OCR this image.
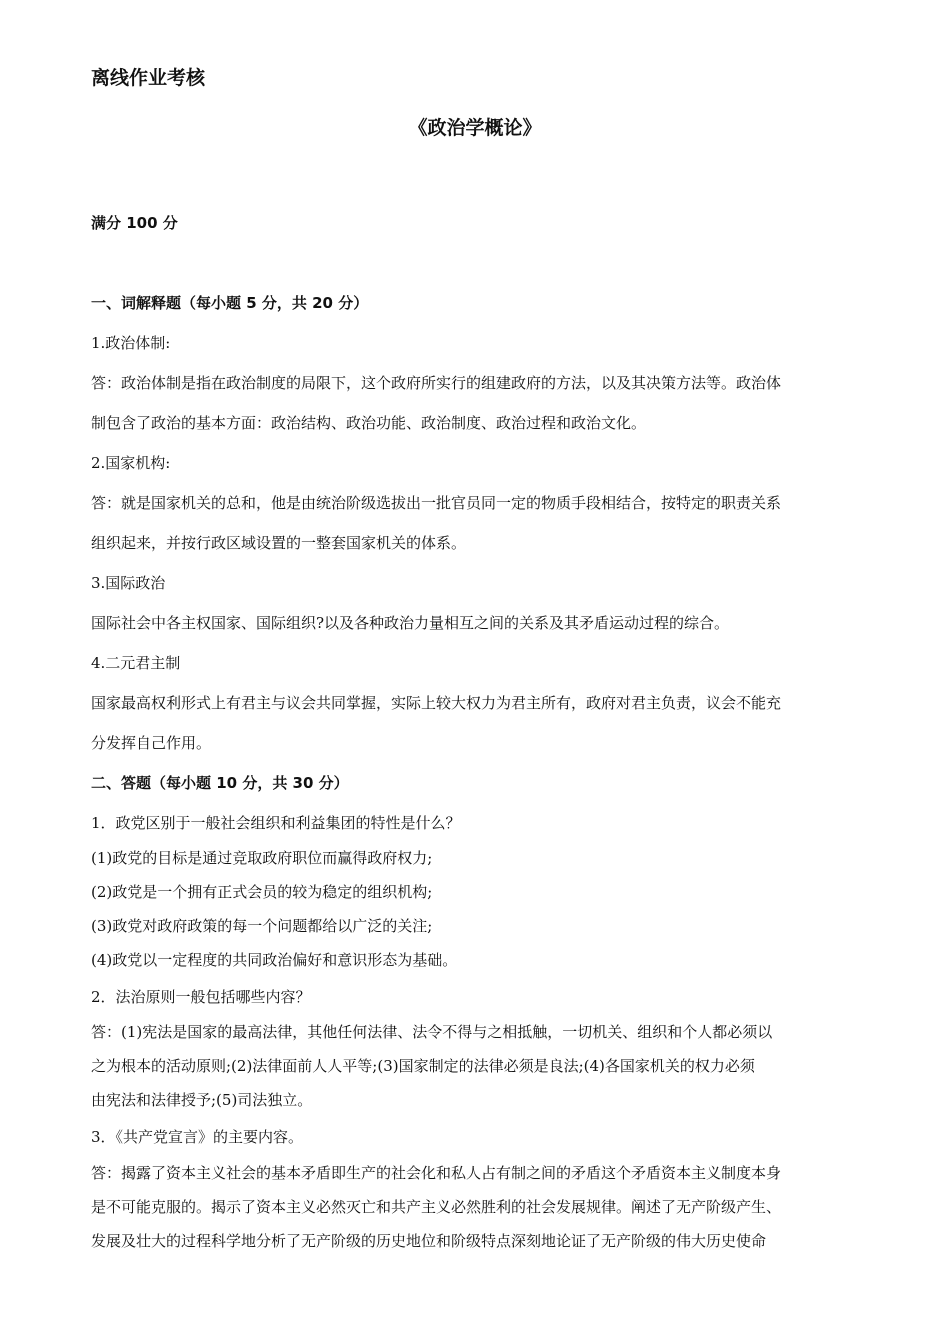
离线作业考核
《政治学概论》
满分 100 分
一、词解释题（每小题 5 分，共 20 分）
1.政治体制:
答：政治体制是指在政治制度的局限下，这个政府所实行的组建政府的方法，以及其决策方法等。政治体
制包含了政治的基本方面：政治结构、政治功能、政治制度、政治过程和政治文化。
2.国家机构:
答：就是国家机关的总和，他是由统治阶级选拔出一批官员同一定的物质手段相结合，按特定的职责关系
组织起来，并按行政区域设置的一整套国家机关的体系。
3.国际政治
国际社会中各主权国家、国际组织?以及各种政治力量相互之间的关系及其矛盾运动过程的综合。
4.二元君主制
国家最高权利形式上有君主与议会共同掌握，实际上较大权力为君主所有，政府对君主负责，议会不能充
分发挥自己作用。
二、答题（每小题 10 分，共 30 分）
1．政党区别于一般社会组织和利益集团的特性是什么？
(1)政党的目标是通过竞取政府职位而赢得政府权力;
(2)政党是一个拥有正式会员的较为稳定的组织机构;
(3)政党对政府政策的每一个问题都给以广泛的关注;
(4)政党以一定程度的共同政治偏好和意识形态为基础。
2．法治原则一般包括哪些内容？
答：(1)宪法是国家的最高法律，其他任何法律、法令不得与之相抵触，一切机关、组织和个人都必须以
之为根本的活动原则;(2)法律面前人人平等;(3)国家制定的法律必须是良法;(4)各国家机关的权力必须
由宪法和法律授予;(5)司法独立。
3．《共产党宣言》的主要内容。
答：揭露了资本主义社会的基本矛盾即生产的社会化和私人占有制之间的矛盾这个矛盾资本主义制度本身
是不可能克服的。揭示了资本主义必然灭亡和共产主义必然胜利的社会发展规律。阐述了无产阶级产生、
发展及壮大的过程科学地分析了无产阶级的历史地位和阶级特点深刻地论证了无产阶级的伟大历史使命
